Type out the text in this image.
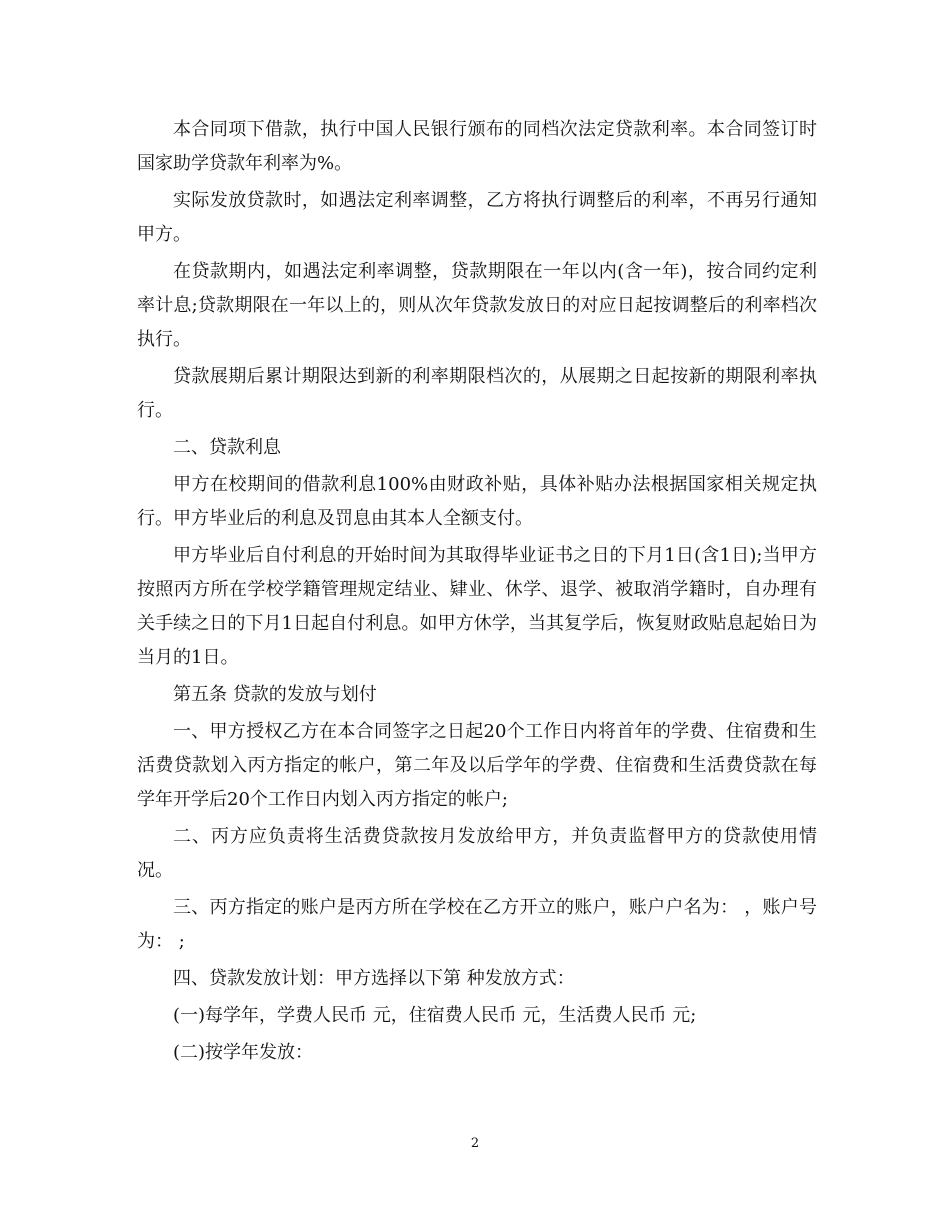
本合同项下借款，执行中国人民银行颁布的同档次法定贷款利率。本合同签订时国家助学贷款年利率为%。

实际发放贷款时，如遇法定利率调整，乙方将执行调整后的利率，不再另行通知甲方。

在贷款期内，如遇法定利率调整，贷款期限在一年以内(含一年)，按合同约定利率计息;贷款期限在一年以上的，则从次年贷款发放日的对应日起按调整后的利率档次执行。

贷款展期后累计期限达到新的利率期限档次的，从展期之日起按新的期限利率执行。

二、贷款利息

甲方在校期间的借款利息100%由财政补贴，具体补贴办法根据国家相关规定执行。甲方毕业后的利息及罚息由其本人全额支付。

甲方毕业后自付利息的开始时间为其取得毕业证书之日的下月1日(含1日);当甲方按照丙方所在学校学籍管理规定结业、肄业、休学、退学、被取消学籍时，自办理有关手续之日的下月1日起自付利息。如甲方休学，当其复学后，恢复财政贴息起始日为当月的1日。

第五条 贷款的发放与划付

一、甲方授权乙方在本合同签字之日起20个工作日内将首年的学费、住宿费和生活费贷款划入丙方指定的帐户，第二年及以后学年的学费、住宿费和生活费贷款在每学年开学后20个工作日内划入丙方指定的帐户;

二、丙方应负责将生活费贷款按月发放给甲方，并负责监督甲方的贷款使用情况。

三、丙方指定的账户是丙方所在学校在乙方开立的账户，账户户名为： ，账户号为： ;

四、贷款发放计划：甲方选择以下第 种发放方式：

(一)每学年，学费人民币 元，住宿费人民币 元，生活费人民币 元;

(二)按学年发放：

2
